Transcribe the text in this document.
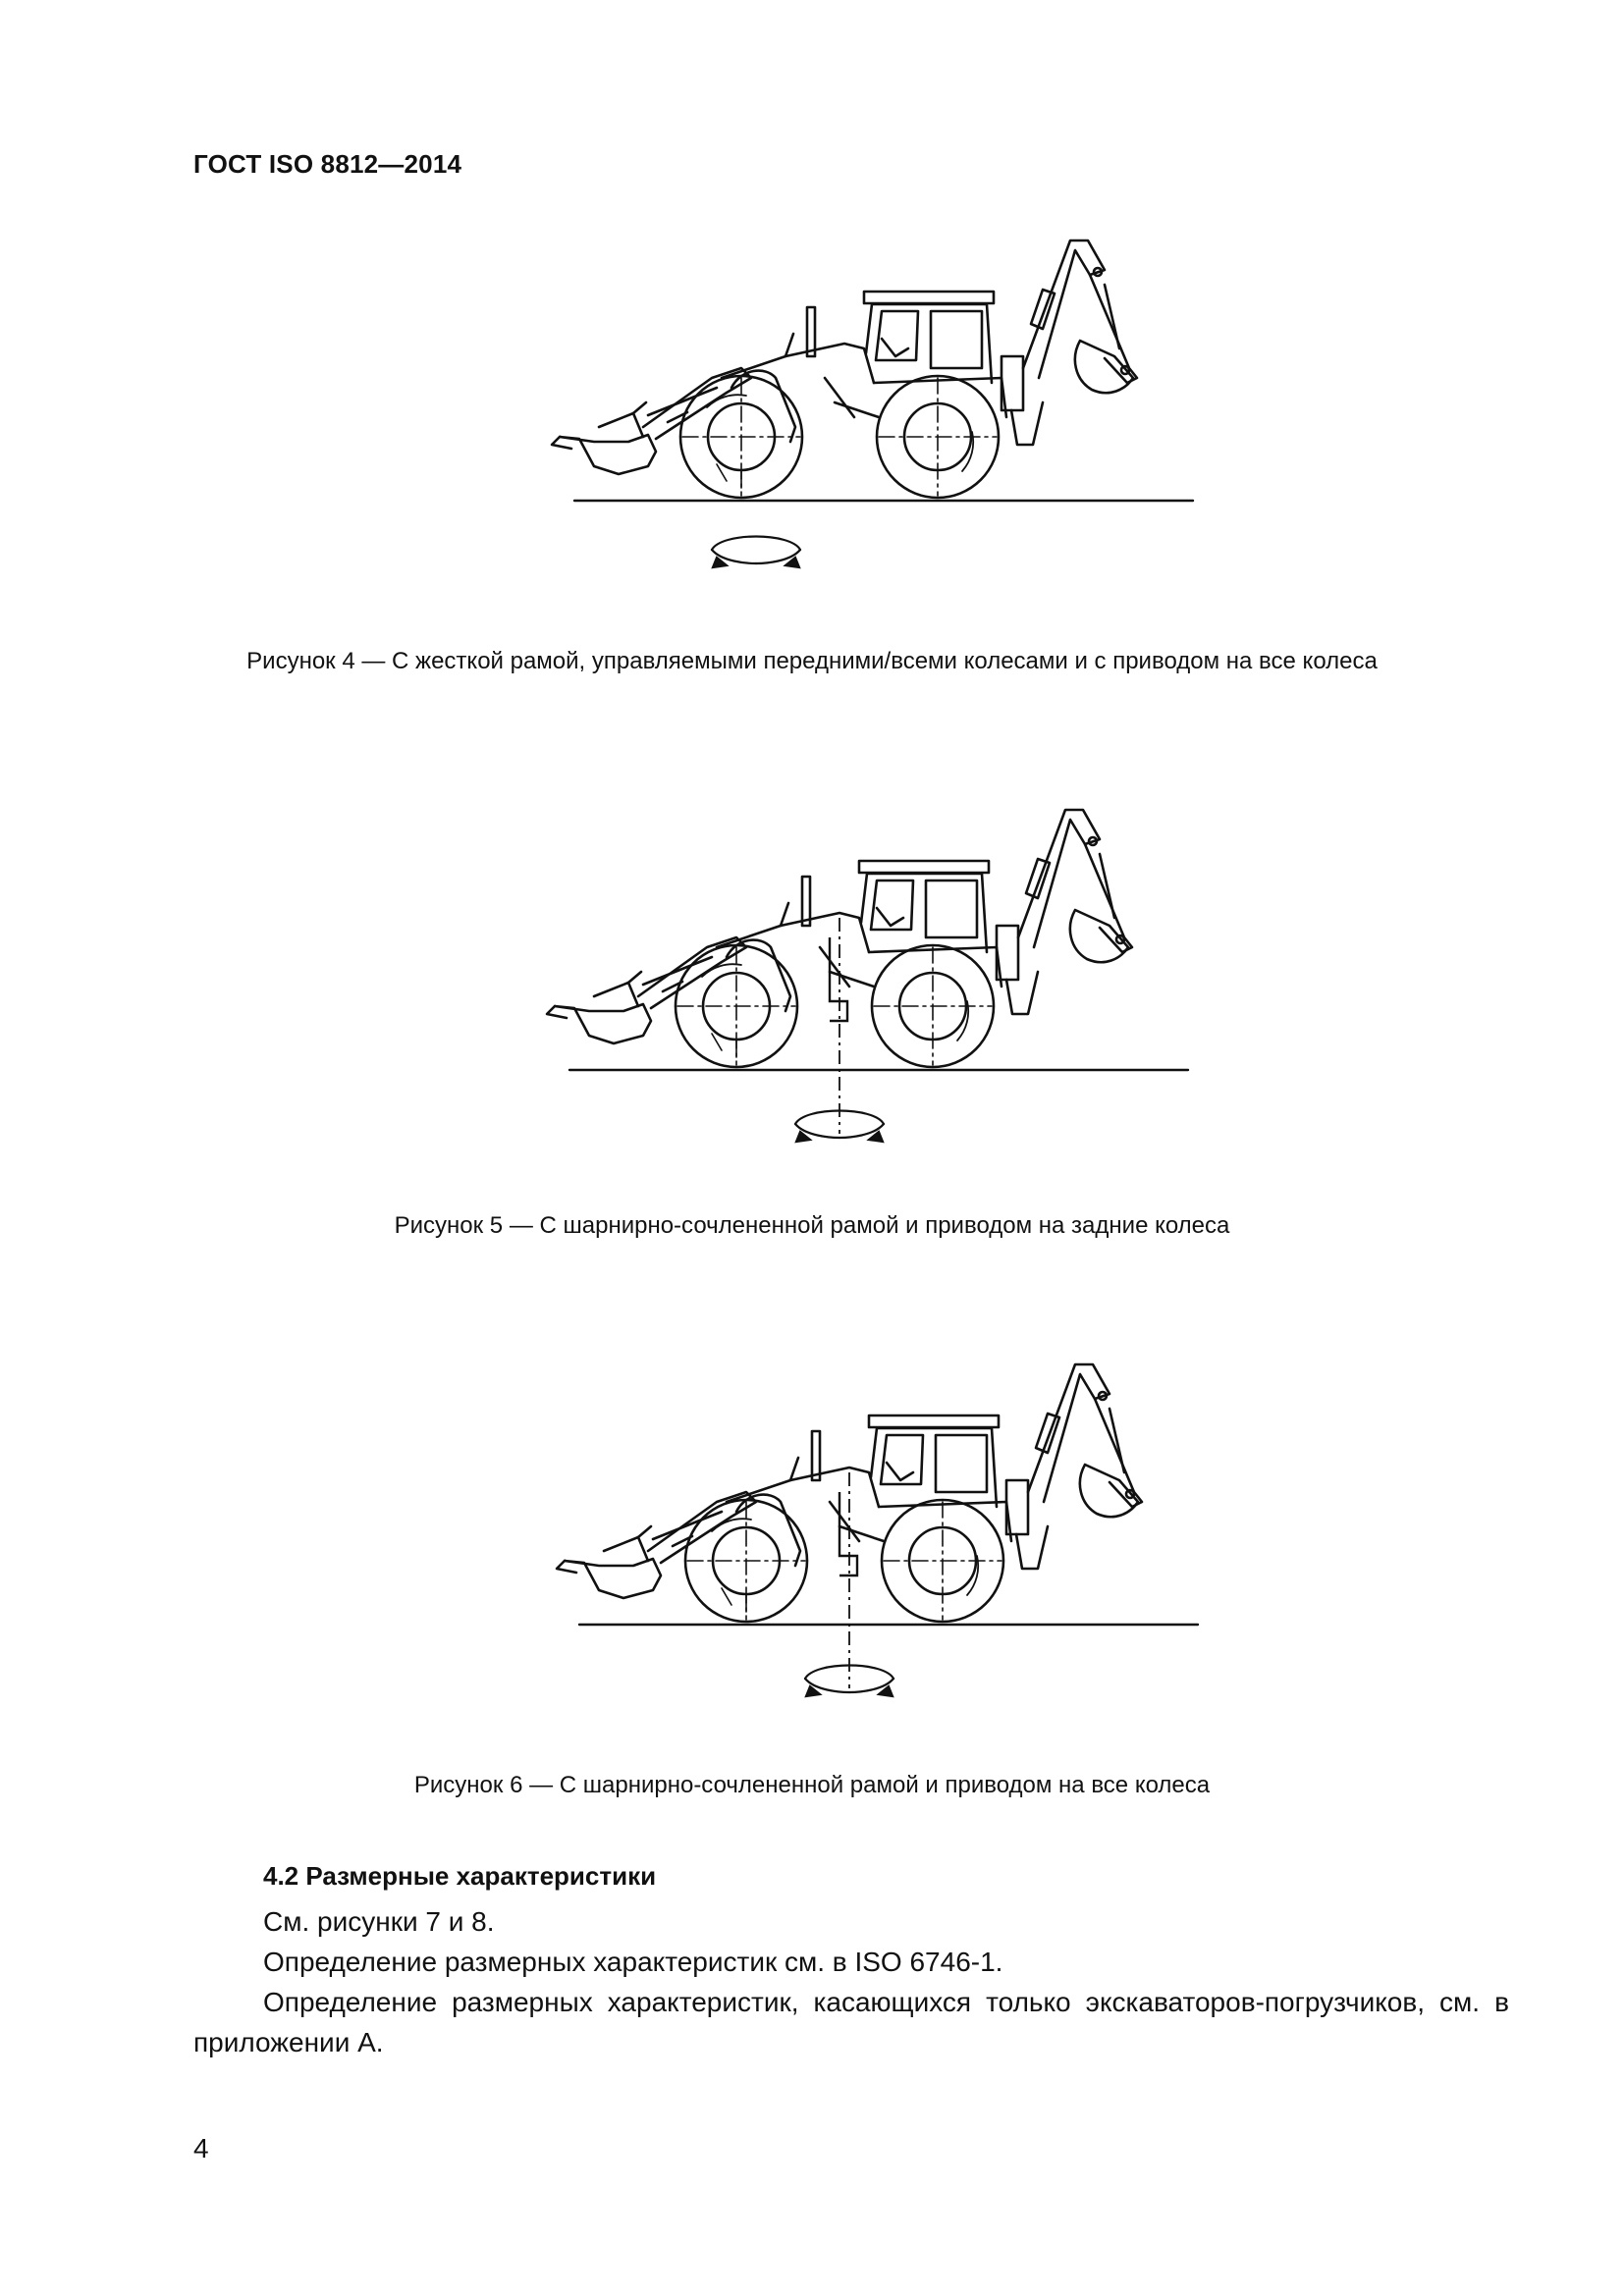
ГОСТ ISO 8812—2014
Рисунок 4 — С жесткой рамой, управляемыми передними/всеми колесами и с приводом на все колеса
Рисунок 5 — С шарнирно-сочлененной рамой и приводом на задние колеса
Рисунок 6 — С шарнирно-сочлененной рамой и приводом на все колеса
4.2 Размерные характеристики
См. рисунки 7 и 8.
Определение размерных характеристик см. в ISO 6746-1.
Определение размерных характеристик, касающихся только экскаваторов-погрузчиков, см. в приложении А.
4
